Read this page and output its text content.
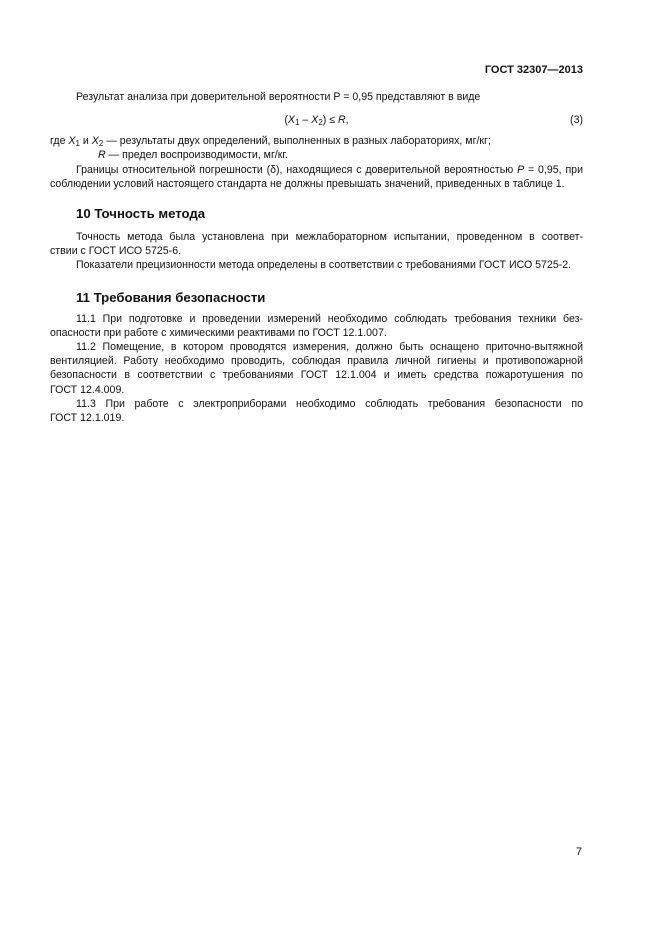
ГОСТ 32307—2013

Результат анализа при доверительной вероятности P = 0,95 представляют в виде

$(X_1 - X_2) \le R$,	(3)
где $X_1$ и $X_2$ — результаты двух определений, выполненных в разных лабораториях, мг/кг;
R — предел воспроизводимости, мг/кг.

Границы относительной погрешности (δ), находящиеся с доверительной вероятностью P = 0,95, при

соблюдении условий настоящего стандарта не должны превышать значений, приведенных в таблице 1.

10 Точность метода

Точность метода была установлена при межлабораторном испытании, проведенном в соответ-

ствии с ГОСТ ИСО 5725-6.

Показатели прецизионности метода определены в соответствии с требованиями ГОСТ ИСО 5725-2.

11 Требования безопасности

11.1 При подготовке и проведении измерений необходимо соблюдать требования техники без-

опасности при работе с химическими реактивами по ГОСТ 12.1.007.

11.2 Помещение, в котором проводятся измерения, должно быть оснащено приточно-вытяжной

вентиляцией. Работу необходимо проводить, соблюдая правила личной гигиены и противопожарной

безопасности в соответствии с требованиями ГОСТ 12.1.004 и иметь средства пожаротушения по

ГОСТ 12.4.009.

11.3 При работе с электроприборами необходимо соблюдать требования безопасности по

ГОСТ 12.1.019.

7
